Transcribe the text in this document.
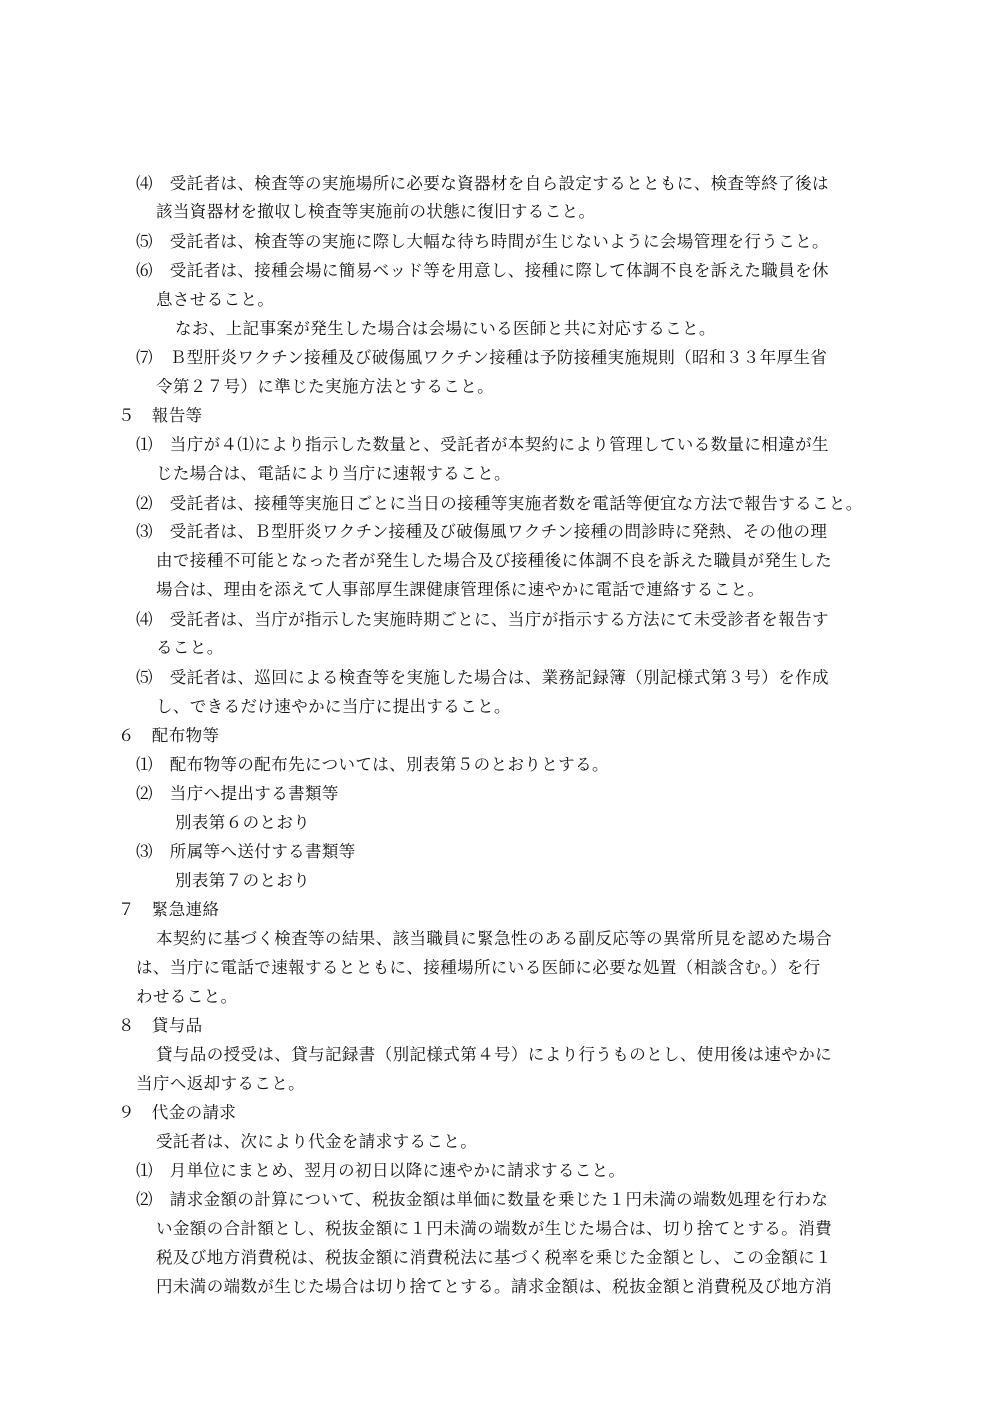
⑷　受託者は、検査等の実施場所に必要な資器材を自ら設定するとともに、検査等終了後は
該当資器材を撤収し検査等実施前の状態に復旧すること。
⑸　受託者は、検査等の実施に際し大幅な待ち時間が生じないように会場管理を行うこと。
⑹　受託者は、接種会場に簡易ベッド等を用意し、接種に際して体調不良を訴えた職員を休
息させること。
なお、上記事案が発生した場合は会場にいる医師と共に対応すること。
⑺　Ｂ型肝炎ワクチン接種及び破傷風ワクチン接種は予防接種実施規則（昭和３３年厚生省
令第２７号）に準じた実施方法とすること。
５　報告等
⑴　当庁が４⑴により指示した数量と、受託者が本契約により管理している数量に相違が生
じた場合は、電話により当庁に速報すること。
⑵　受託者は、接種等実施日ごとに当日の接種等実施者数を電話等便宜な方法で報告すること。
⑶　受託者は、Ｂ型肝炎ワクチン接種及び破傷風ワクチン接種の問診時に発熱、その他の理
由で接種不可能となった者が発生した場合及び接種後に体調不良を訴えた職員が発生した
場合は、理由を添えて人事部厚生課健康管理係に速やかに電話で連絡すること。
⑷　受託者は、当庁が指示した実施時期ごとに、当庁が指示する方法にて未受診者を報告す
ること。
⑸　受託者は、巡回による検査等を実施した場合は、業務記録簿（別記様式第３号）を作成
し、できるだけ速やかに当庁に提出すること。
６　配布物等
⑴　配布物等の配布先については、別表第５のとおりとする。
⑵　当庁へ提出する書類等
別表第６のとおり
⑶　所属等へ送付する書類等
別表第７のとおり
７　緊急連絡
本契約に基づく検査等の結果、該当職員に緊急性のある副反応等の異常所見を認めた場合
は、当庁に電話で速報するとともに、接種場所にいる医師に必要な処置（相談含む。）を行
わせること。
８　貸与品
貸与品の授受は、貸与記録書（別記様式第４号）により行うものとし、使用後は速やかに
当庁へ返却すること。
９　代金の請求
受託者は、次により代金を請求すること。
⑴　月単位にまとめ、翌月の初日以降に速やかに請求すること。
⑵　請求金額の計算について、税抜金額は単価に数量を乗じた１円未満の端数処理を行わな
い金額の合計額とし、税抜金額に１円未満の端数が生じた場合は、切り捨てとする。消費
税及び地方消費税は、税抜金額に消費税法に基づく税率を乗じた金額とし、この金額に１
円未満の端数が生じた場合は切り捨てとする。請求金額は、税抜金額と消費税及び地方消
